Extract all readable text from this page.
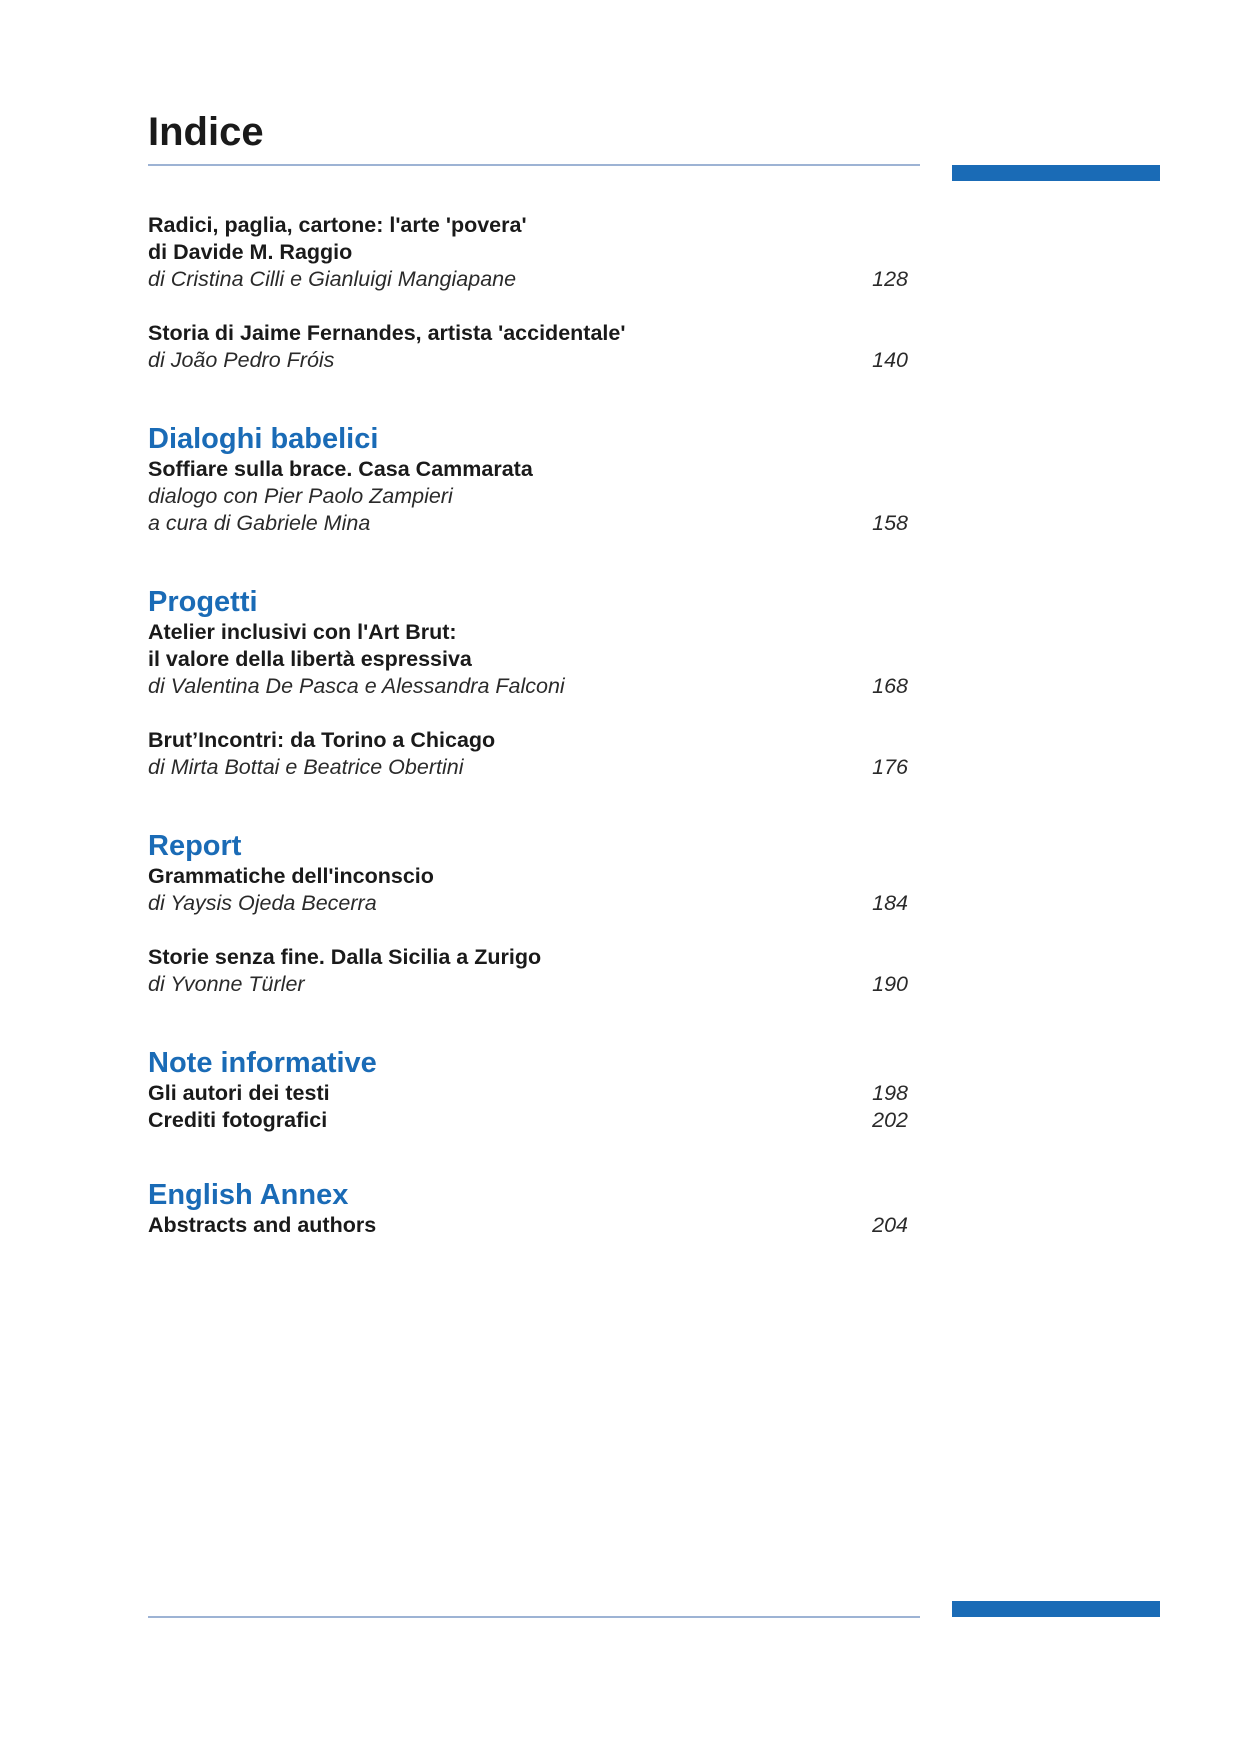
Indice
Radici, paglia, cartone: l'arte 'povera'
di Davide M. Raggio
di Cristina Cilli e Gianluigi Mangiapane	128
Storia di Jaime Fernandes, artista 'accidentale'
di João Pedro Fróis	140
Dialoghi babelici
Soffiare sulla brace. Casa Cammarata
dialogo con Pier Paolo Zampieri
a cura di Gabriele Mina	158
Progetti
Atelier inclusivi con l'Art Brut:
il valore della libertà espressiva
di Valentina De Pasca e Alessandra Falconi	168
Brut’Incontri: da Torino a Chicago
di Mirta Bottai e Beatrice Obertini	176
Report
Grammatiche dell'inconscio
di Yaysis Ojeda Becerra	184
Storie senza fine. Dalla Sicilia a Zurigo
di Yvonne Türler	190
Note informative
Gli autori dei testi	198
Crediti fotografici	202
English Annex
Abstracts and authors	204
